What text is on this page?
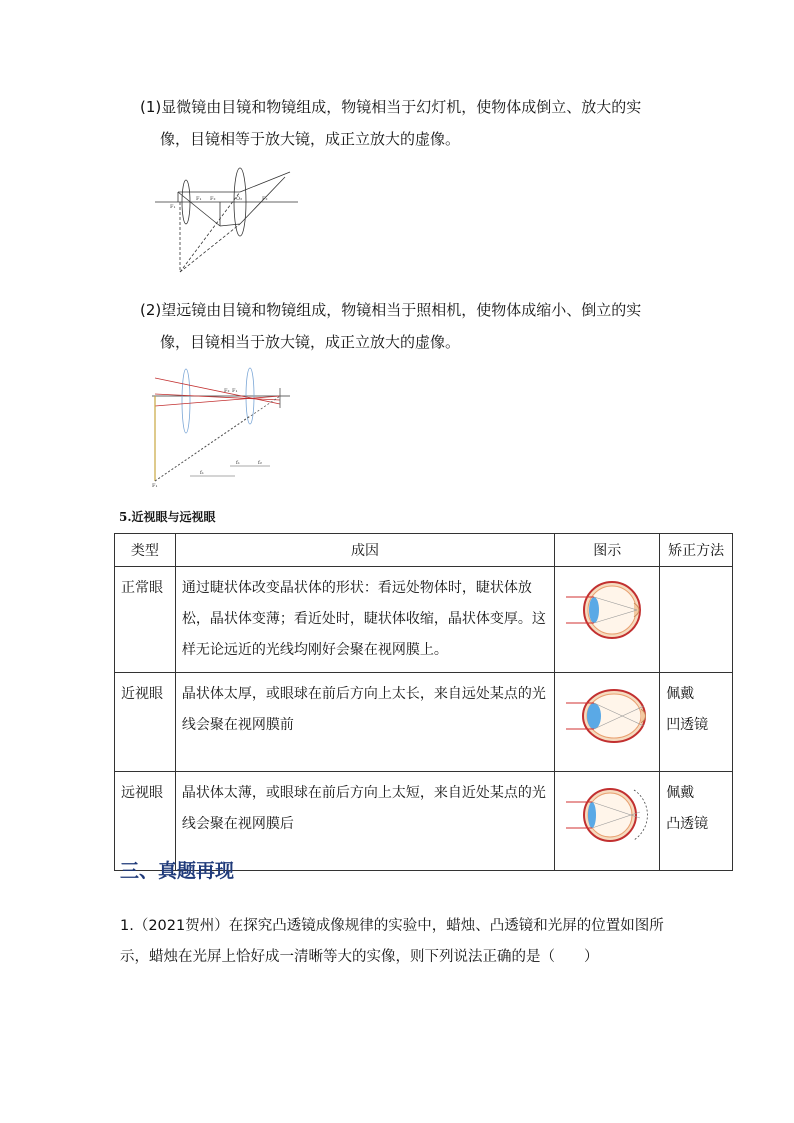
(1)显微镜由目镜和物镜组成，物镜相当于幻灯机，使物体成倒立、放大的实
像，目镜相等于放大镜，成正立放大的虚像。
F₁
F₁ F₂	F₂
O₂
(2)望远镜由目镜和物镜组成，物镜相当于照相机，使物体成缩小、倒立的实
像，目镜相当于放大镜，成正立放大的虚像。
F₂ F₁
f₁	f₂
f₁
F₁
5.近视眼与远视眼
类型	成因	图示	矫正方法
正常眼	通过睫状体改变晶状体的形状：看远处物体时，睫状体放松，晶状体变薄；看近处时，睫状体收缩，晶状体变厚。这样无论远近的光线均刚好会聚在视网膜上。		

近视眼	晶状体太厚，或眼球在前后方向上太长，来自远处某点的光线会聚在视网膜前		佩戴
凹透镜

远视眼	晶状体太薄，或眼球在前后方向上太短，来自近处某点的光线会聚在视网膜后		佩戴
凸透镜
三、真题再现
1.（2021贺州）在探究凸透镜成像规律的实验中，蜡烛、凸透镜和光屏的位置如图所示，蜡烛在光屏上恰好成一清晰等大的实像，则下列说法正确的是（　　）
